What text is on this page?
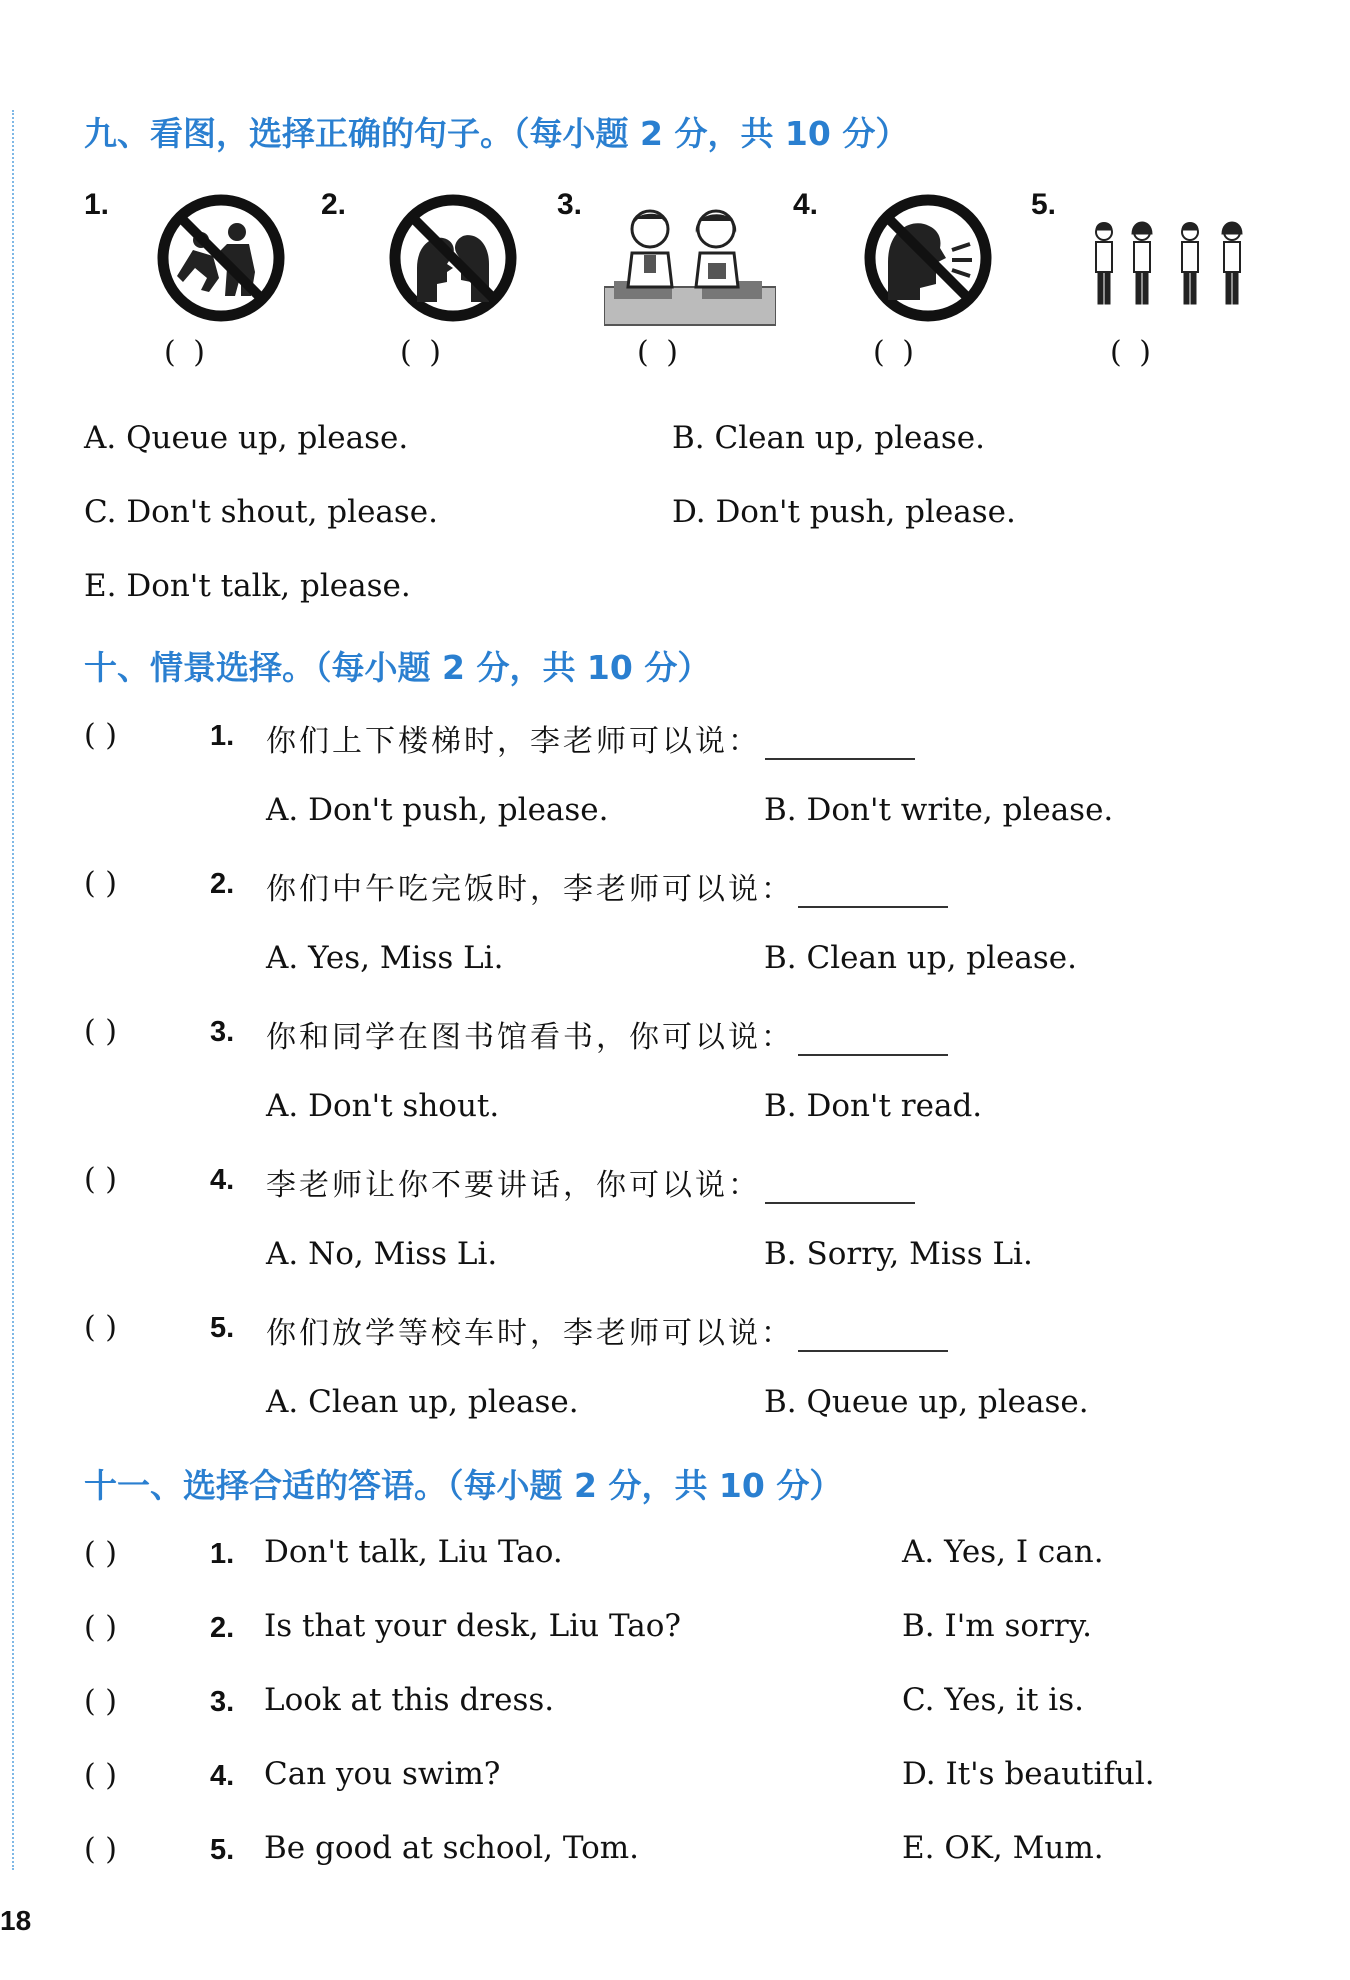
九、看图，选择正确的句子。（每小题 2 分，共 10 分）
1.	2.	3.	4.	5.
( )	( )	( )	( )	( )
A. Queue up, please.	B. Clean up, please.
C. Don't shout, please.	D. Don't push, please.
E. Don't talk, please.
十、情景选择。（每小题 2 分，共 10 分）
( )	1. 你们上下楼梯时，李老师可以说：
A. Don't push, please.	B. Don't write, please.
( )	2. 你们中午吃完饭时，李老师可以说：
A. Yes, Miss Li.	B. Clean up, please.
( )	3. 你和同学在图书馆看书，你可以说：
A. Don't shout.	B. Don't read.
( )	4. 李老师让你不要讲话，你可以说：
A. No, Miss Li.	B. Sorry, Miss Li.
( )	5. 你们放学等校车时，李老师可以说：
A. Clean up, please.	B. Queue up, please.
十一、选择合适的答语。（每小题 2 分，共 10 分）
( )	1. Don't talk, Liu Tao.	A. Yes, I can.
( )	2. Is that your desk, Liu Tao?	B. I'm sorry.
( )	3. Look at this dress.	C. Yes, it is.
( )	4. Can you swim?	D. It's beautiful.
( )	5. Be good at school, Tom.	E. OK, Mum.
18
